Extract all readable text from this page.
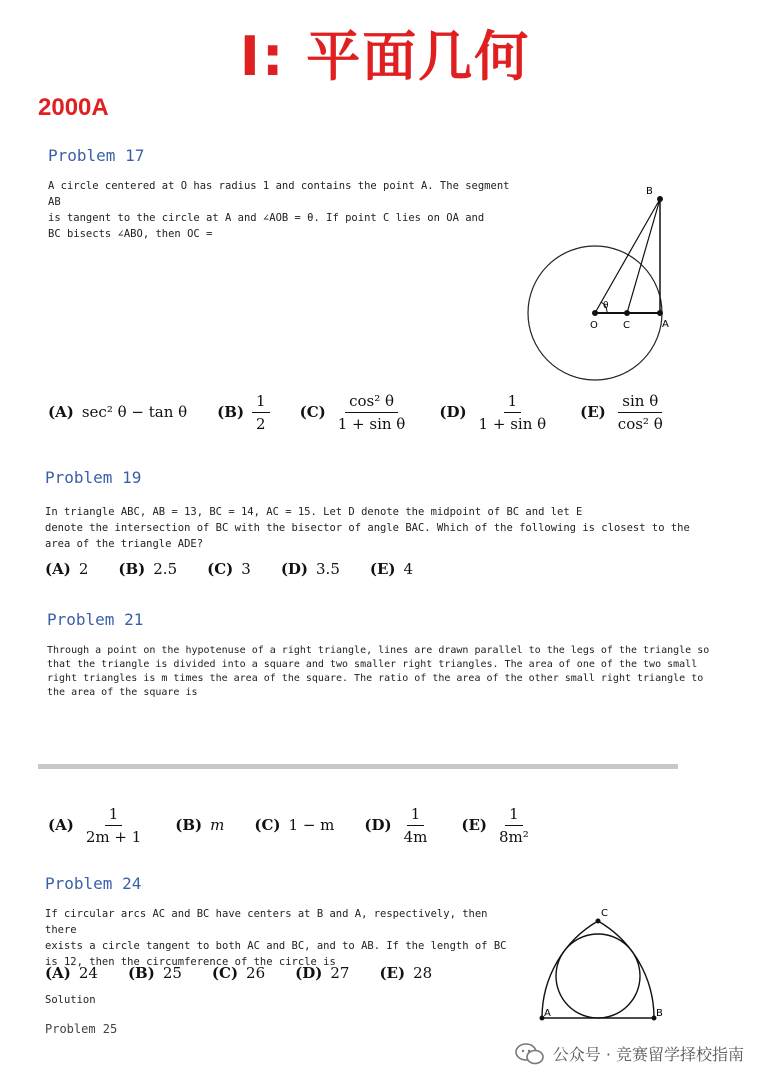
I: 平面几何
2000A
Problem 17
A circle centered at O has radius 1 and contains the point A. The segment AB
is tangent to the circle at A and ∠AOB = θ. If point C lies on OA and
BC bisects ∠ABO, then OC =
B
θ
O	C	A
(A) sec² θ − tan θ $(B) \frac{1}{2} (C) \frac{\text{cos² θ}}{\text{1 + sin θ}} (D) \frac{1}{\text{1 + sin θ}} (E) \frac{\text{sin θ}}{\text{cos² θ}}$
Problem 19
In triangle ABC, AB = 13, BC = 14, AC = 15. Let D denote the midpoint of BC and let E
denote the intersection of BC with the bisector of angle BAC. Which of the following is closest to the
area of the triangle ADE?
(A) 2 (B) 2.5 (C) 3 (D) 3.5 (E) 4
Problem 21
Through a point on the hypotenuse of a right triangle, lines are drawn parallel to the legs of the triangle so
that the triangle is divided into a square and two smaller right triangles. The area of one of the two small
right triangles is m times the area of the square. The ratio of the area of the other small right triangle to
the area of the square is
$(A) \frac{1}{2m + 1} (B)$ m (C) 1 − m $(D) \frac{1}{4m} (E) \frac{1}{\text{8m²}}$
Problem 24
If circular arcs AC and BC have centers at B and A, respectively, then there
exists a circle tangent to both AC and BC, and to AB. If the length of BC
is 12, then the circumference of the circle is
(A) 24 (B) 25 (C) 26 (D) 27 (E) 28
Solution
Problem 25
C
A	B
公众号 · 竞赛留学择校指南
